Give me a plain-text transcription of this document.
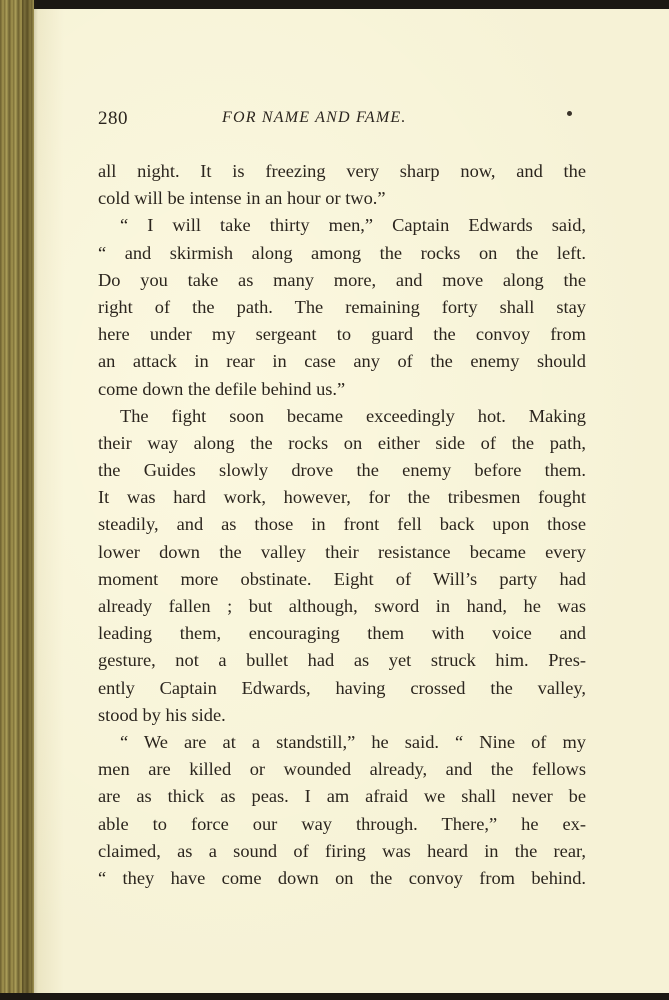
280	FOR NAME AND FAME.
all night. It is freezing very sharp now, and the
cold will be intense in an hour or two.”
“ I will take thirty men,” Captain Edwards said,
“ and skirmish along among the rocks on the left.
Do you take as many more, and move along the
right of the path. The remaining forty shall stay
here under my sergeant to guard the convoy from
an attack in rear in case any of the enemy should
come down the defile behind us.”
The fight soon became exceedingly hot. Making
their way along the rocks on either side of the path,
the Guides slowly drove the enemy before them.
It was hard work, however, for the tribesmen fought
steadily, and as those in front fell back upon those
lower down the valley their resistance became every
moment more obstinate. Eight of Will’s party had
already fallen ; but although, sword in hand, he was
leading them, encouraging them with voice and
gesture, not a bullet had as yet struck him. Pres-
ently Captain Edwards, having crossed the valley,
stood by his side.
“ We are at a standstill,” he said. “ Nine of my
men are killed or wounded already, and the fellows
are as thick as peas. I am afraid we shall never be
able to force our way through. There,” he ex-
claimed, as a sound of firing was heard in the rear,
“ they have come down on the convoy from behind.
